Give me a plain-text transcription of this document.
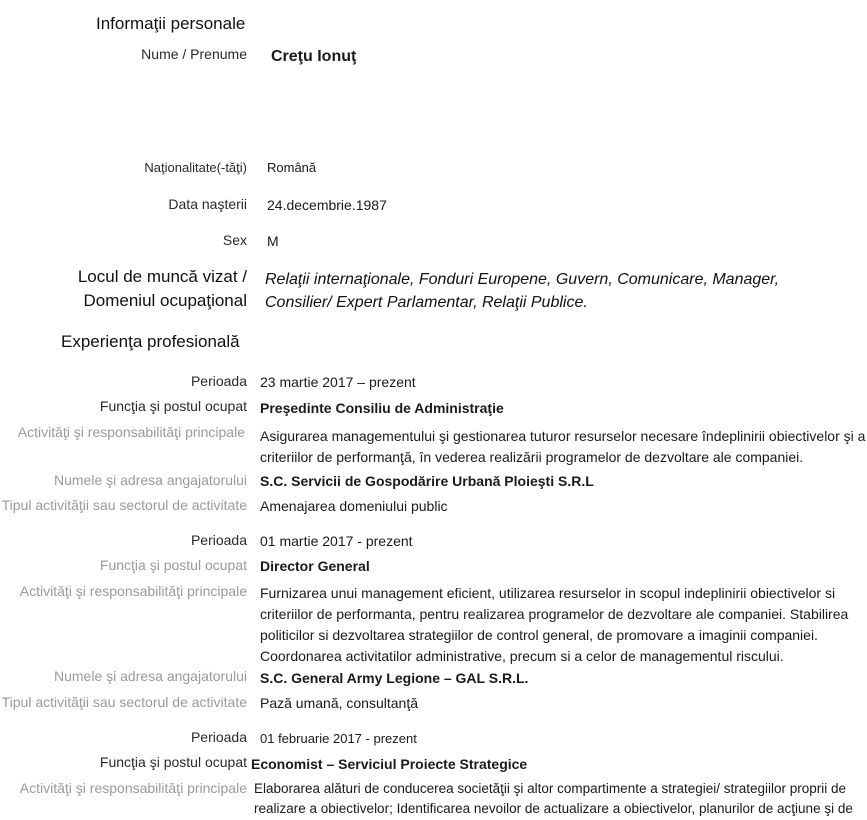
Informaţii personale
Nume / Prenume Creţu Ionuţ
Naţionalitate(-tăţi) Română
Data naşterii 24.decembrie.1987
Sex M
Locul de muncă vizat /
Domeniul ocupaţional
Relaţii internaţionale, Fonduri Europene, Guvern, Comunicare, Manager,
Consilier/ Expert Parlamentar, Relaţii Publice.
Experienţa profesională
Perioada 23 martie 2017 – prezent
Funcţia şi postul ocupat Preşedinte Consiliu de Administraţie
Activităţi şi responsabilităţi principale Asigurarea managementului şi gestionarea tuturor resurselor necesare îndeplinirii obiectivelor şi a
criteriilor de performanţă, în vederea realizării programelor de dezvoltare ale companiei.
Numele şi adresa angajatorului S.C. Servicii de Gospodărire Urbană Ploieşti S.R.L
Tipul activităţii sau sectorul de activitate Amenajarea domeniului public
Perioada 01 martie 2017 - prezent
Funcţia şi postul ocupat Director General
Activităţi şi responsabilităţi principale Furnizarea unui management eficient, utilizarea resurselor in scopul indeplinirii obiectivelor si
criteriilor de performanta, pentru realizarea programelor de dezvoltare ale companiei. Stabilirea
politicilor si dezvoltarea strategiilor de control general, de promovare a imaginii companiei.
Coordonarea activitatilor administrative, precum si a celor de managementul riscului.
Numele şi adresa angajatorului S.C. General Army Legione – GAL S.R.L.
Tipul activităţii sau sectorul de activitate Pază umană, consultanţă
Perioada 01 februarie 2017 - prezent
Funcţia şi postul ocupat Economist – Serviciul Proiecte Strategice
Activităţi şi responsabilităţi principale Elaborarea alături de conducerea societăţii şi altor compartimente a strategiei/ strategiilor proprii de
realizare a obiectivelor; Identificarea nevoilor de actualizare a obiectivelor, planurilor de acţiune şi de
